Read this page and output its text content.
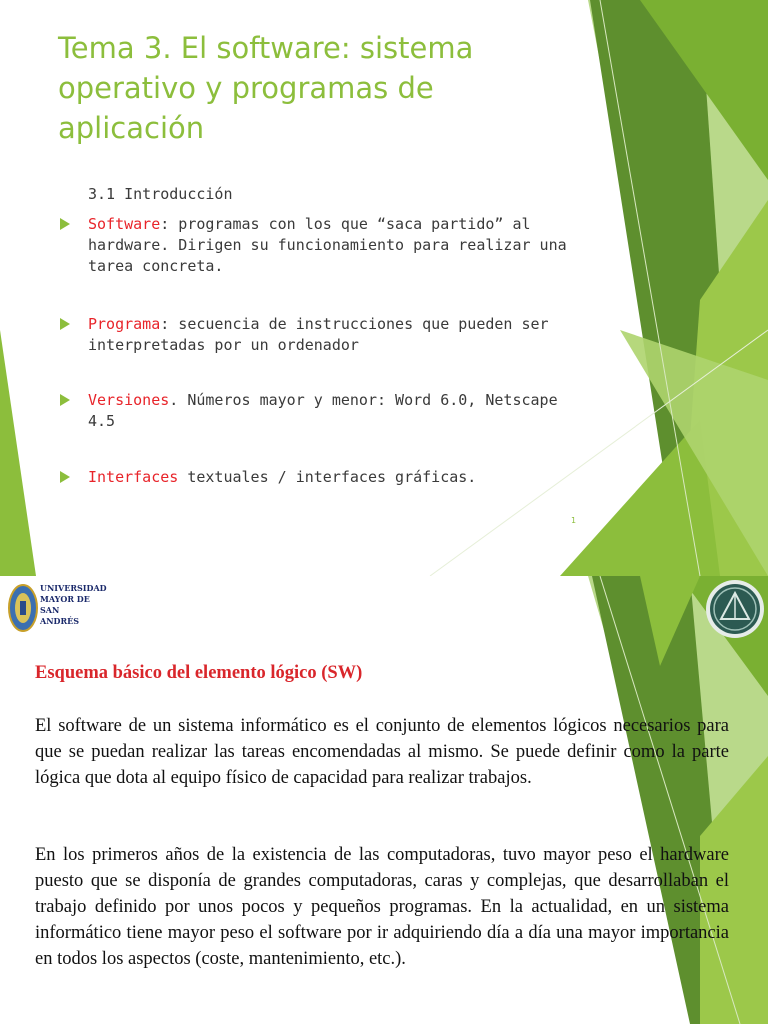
Tema 3. El software: sistema operativo y programas de aplicación
3.1 Introducción
Software: programas con los que “saca partido” al hardware. Dirigen su funcionamiento para realizar una tarea concreta.
Programa: secuencia de instrucciones que pueden ser interpretadas por un ordenador
Versiones. Números mayor y menor: Word 6.0, Netscape 4.5
Interfaces textuales / interfaces gráficas.
1
UNIVERSIDAD
MAYOR DE
SAN
ANDRÉS
Esquema básico del elemento lógico (SW)

El software de un sistema informático es el conjunto de elementos lógicos necesarios para que se puedan realizar las tareas encomendadas al mismo. Se puede definir como la parte lógica que dota al equipo físico de capacidad para realizar trabajos.

En los primeros años de la existencia de las computadoras, tuvo mayor peso el hardware puesto que se disponía de grandes computadoras, caras y complejas, que desarrollaban el trabajo definido por unos pocos y pequeños programas. En la actualidad, en un sistema informático tiene mayor peso el software por ir adquiriendo día a día una mayor importancia en todos los aspectos (coste, mantenimiento, etc.).
